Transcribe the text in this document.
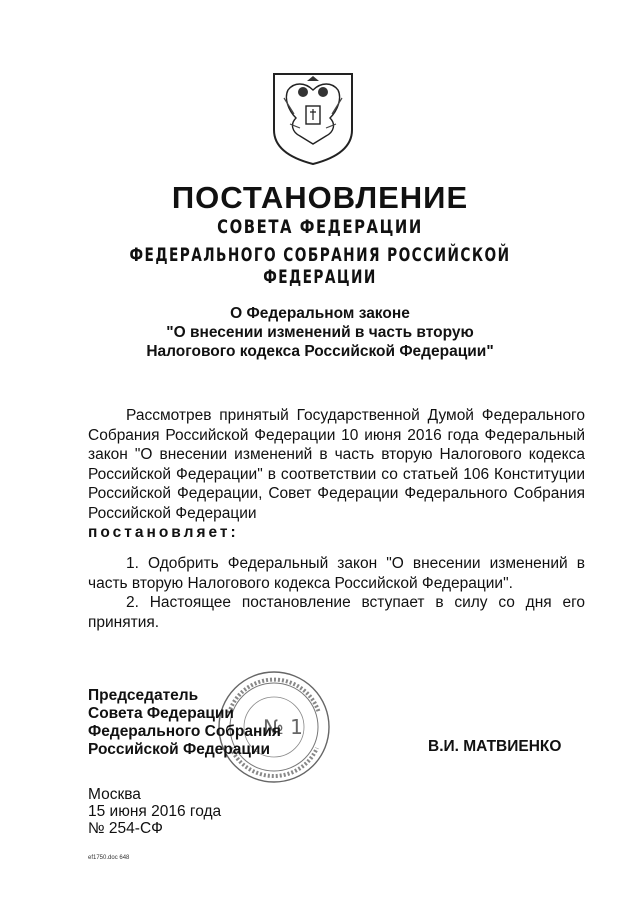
ПОСТАНОВЛЕНИЕ
СОВЕТА ФЕДЕРАЦИИ
ФЕДЕРАЛЬНОГО СОБРАНИЯ РОССИЙСКОЙ ФЕДЕРАЦИИ
О Федеральном законе
"О внесении изменений в часть вторую
Налогового кодекса Российской Федерации"

Рассмотрев принятый Государственной Думой Федерального Собрания Российской Федерации 10 июня 2016 года Федеральный закон "О внесении изменений в часть вторую Налогового кодекса Российской Федерации" в соответствии со статьей 106 Конституции Российской Федерации, Совет Федерации Федерального Собрания Российской Федерации

постановляет:

1. Одобрить Федеральный закон "О внесении изменений в часть вторую Налогового кодекса Российской Федерации".

2. Настоящее постановление вступает в силу со дня его принятия.

№ 1
Председатель
Совета Федерации
Федерального Собрания
Российской Федерации	В.И. МАТВИЕНКО
Москва
15 июня 2016 года
№ 254-СФ
ef1750.doc 648
